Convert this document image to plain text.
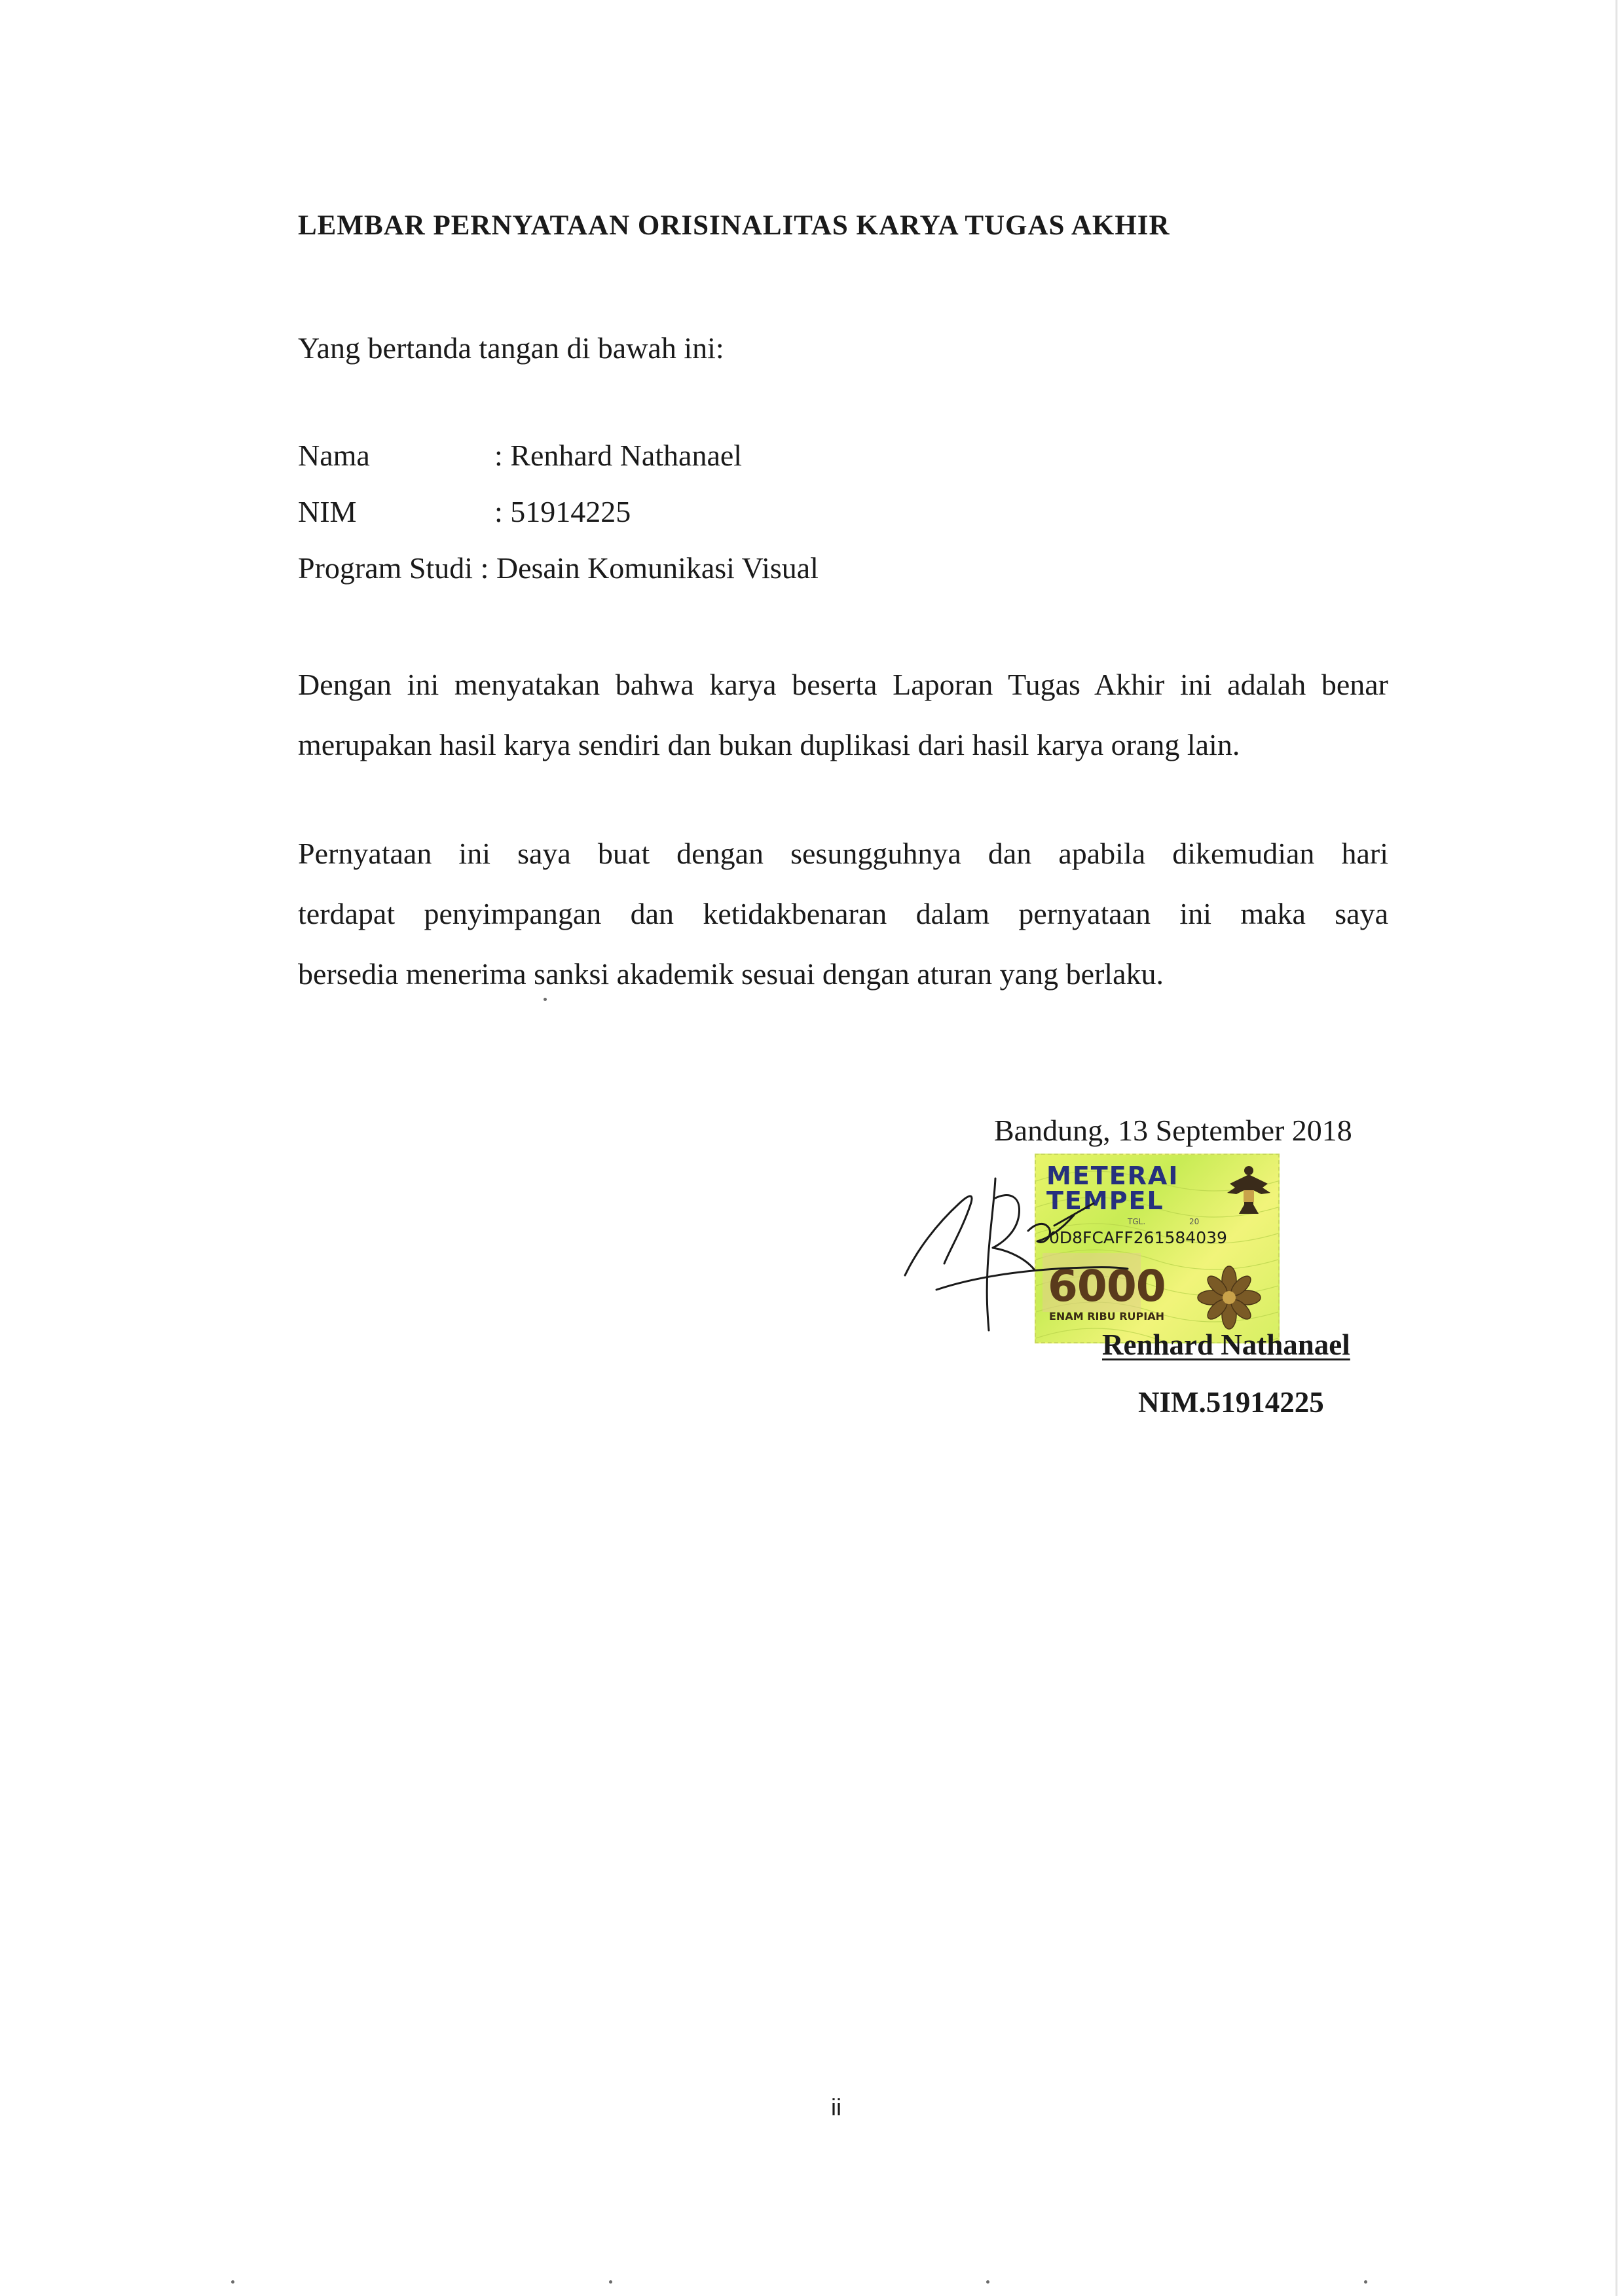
LEMBAR PERNYATAAN ORISINALITAS KARYA TUGAS AKHIR
Yang bertanda tangan di bawah ini:
Nama	: Renhard Nathanael
NIM	: 51914225
Program Studi : Desain Komunikasi Visual
Dengan ini menyatakan bahwa karya beserta Laporan Tugas Akhir ini adalah benar merupakan hasil karya sendiri dan bukan duplikasi dari hasil karya orang lain.
Pernyataan ini saya buat dengan sesungguhnya dan apabila dikemudian hari
terdapat penyimpangan dan ketidakbenaran dalam pernyataan ini maka saya
bersedia menerima sanksi akademik sesuai dengan aturan yang berlaku.
Bandung, 13 September 2018
METERAI
TEMPEL
TGL.	20
0D8FCAFF261584039
6000
ENAM RIBU RUPIAH
Renhard Nathanael
NIM.51914225
ii
